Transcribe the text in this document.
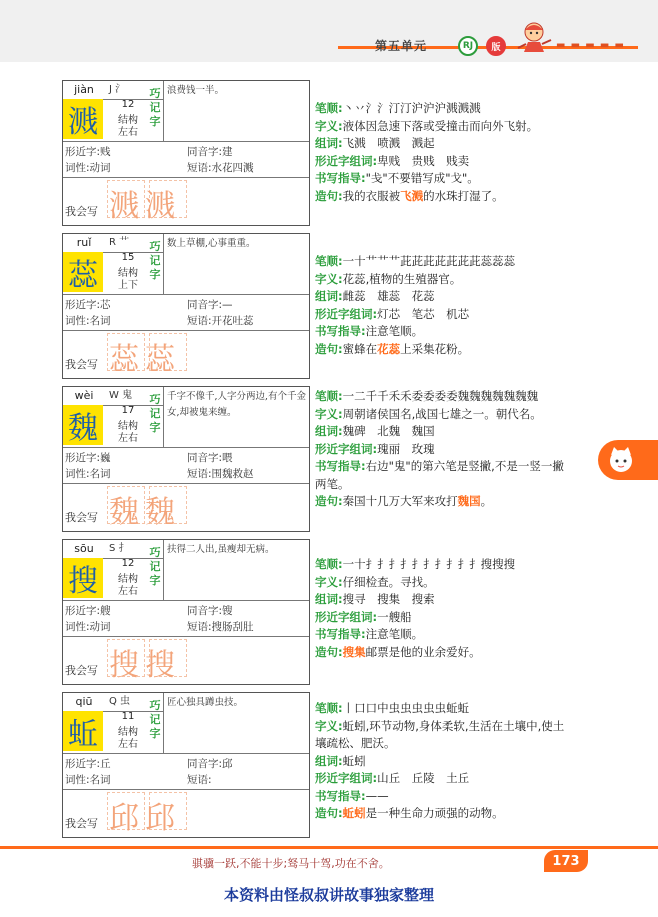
第五单元	RJ	版	▬ ▬ ▬ ▬ ▬
jiàn	J 氵
溅
12
结构
左右
巧记字
浪费钱一半。
形近字:贱	同音字:建
词性:动词	短语:水花四溅
我会写 溅溅
ruǐ	R 艹
蕊
15
结构
上下
巧记字
数上草棚,心事重重。
形近字:芯	同音字:—
词性:名词	短语:开花吐蕊
我会写 蕊蕊
wèi	W 鬼
魏
17
结构
左右
巧记字
千字不像千,人字分两边,有个千金女,却被鬼来缠。
形近字:巍	同音字:喂
词性:名词	短语:围魏救赵
我会写 魏魏
sōu	S 扌
搜
12
结构
左右
巧记字
扶得二人出,虽瘦却无病。
形近字:艘	同音字:锼
词性:动词	短语:搜肠刮肚
我会写 搜搜
qiū	Q 虫
蚯
11
结构
左右
巧记字
匠心独具蹲虫技。
形近字:丘	同音字:邱
词性:名词	短语:
我会写 邱邱
笔顺:丶丷氵氵汀汀沪沪沪溅溅溅
字义:液体因急速下落或受撞击而向外飞射。
组词:飞溅　喷溅　溅起
形近字组词:卑贱　贵贱　贱卖
书写指导:"戋"不要错写成"戈"。
造句:我的衣服被飞溅的水珠打湿了。
笔顺:一十艹艹艹茈茈茈茈茈茈茈蕊蕊蕊
字义:花蕊,植物的生殖器官。
组词:雌蕊　雄蕊　花蕊
形近字组词:灯芯　笔芯　机芯
书写指导:注意笔顺。
造句:蜜蜂在花蕊上采集花粉。
笔顺:一二千千禾禾委委委委魏魏魏魏魏魏魏
字义:周朝诸侯国名,战国七雄之一。朝代名。
组词:魏碑　北魏　魏国
形近字组词:瑰丽　玫瑰
书写指导:右边"鬼"的第六笔是竖撇,不是一竖一撇两笔。
造句:秦国十几万大军来攻打魏国。
笔顺:一十扌扌扌扌扌扌扌扌扌扌搜搜搜
字义:仔细检查。寻找。
组词:搜寻　搜集　搜索
形近字组词:一艘船
书写指导:注意笔顺。
造句:搜集邮票是他的业余爱好。
笔顺:丨口口中虫虫虫虫虫蚯蚯
字义:蚯蚓,环节动物,身体柔软,生活在土壤中,使土壤疏松、肥沃。
组词:蚯蚓
形近字组词:山丘　丘陵　土丘
书写指导:——
造句:蚯蚓是一种生命力顽强的动物。
骐骥一跃,不能十步;驽马十驾,功在不舍。	173
本资料由怪叔叔讲故事独家整理
